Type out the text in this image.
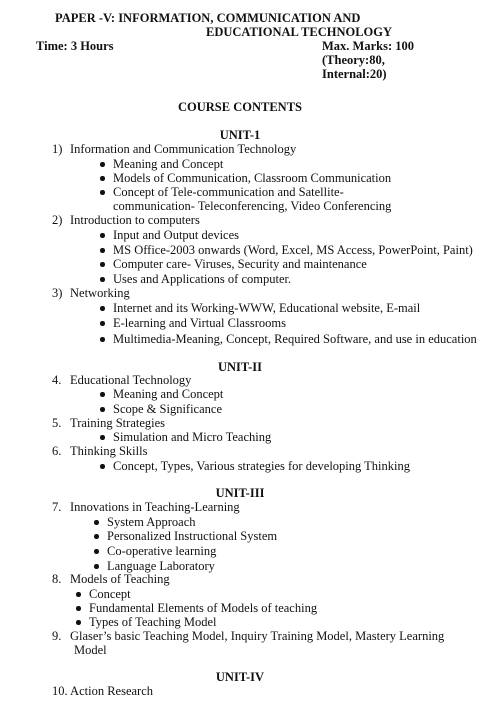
PAPER -V: INFORMATION, COMMUNICATION AND
EDUCATIONAL TECHNOLOGY
Time: 3 Hours	Max. Marks: 100
(Theory:80,
Internal:20)
COURSE CONTENTS
UNIT-1
1) Information and Communication Technology
Meaning and Concept
Models of Communication, Classroom Communication
Concept of Tele-communication and Satellite-
communication- Teleconferencing, Video Conferencing
2) Introduction to computers
Input and Output devices
MS Office-2003 onwards (Word, Excel, MS Access, PowerPoint, Paint)
Computer care- Viruses, Security and maintenance
Uses and Applications of computer.
3) Networking
Internet and its Working-WWW, Educational website, E-mail
E-learning and Virtual Classrooms
Multimedia-Meaning, Concept, Required Software, and use in education
UNIT-II
4. Educational Technology
Meaning and Concept
Scope & Significance
5. Training Strategies
Simulation and Micro Teaching
6. Thinking Skills
Concept, Types, Various strategies for developing Thinking
UNIT-III
7. Innovations in Teaching-Learning
System Approach
Personalized Instructional System
Co-operative learning
Language Laboratory
8. Models of Teaching
Concept
Fundamental Elements of Models of teaching
Types of Teaching Model
9. Glaser’s basic Teaching Model, Inquiry Training Model, Mastery Learning
Model
UNIT-IV
10. Action Research
